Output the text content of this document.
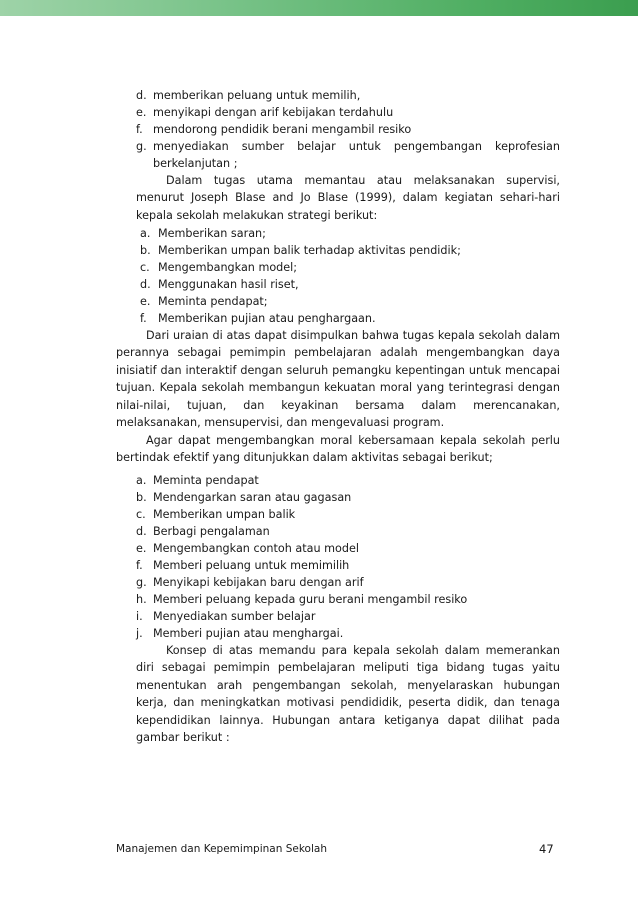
d. memberikan peluang untuk memilih,
e. menyikapi dengan arif kebijakan terdahulu
f. mendorong pendidik berani mengambil resiko
g. menyediakan sumber belajar untuk pengembangan keprofesian berkelanjutan ;
Dalam tugas utama memantau atau melaksanakan supervisi, menurut Joseph Blase and Jo Blase (1999), dalam kegiatan sehari-hari kepala sekolah melakukan strategi berikut:
a. Memberikan saran;
b. Memberikan umpan balik terhadap aktivitas pendidik;
c. Mengembangkan model;
d. Menggunakan hasil riset,
e. Meminta pendapat;
f. Memberikan pujian atau penghargaan.
Dari uraian di atas dapat disimpulkan bahwa tugas kepala sekolah dalam perannya sebagai pemimpin pembelajaran adalah mengembangkan daya inisiatif dan interaktif dengan seluruh pemangku kepentingan untuk mencapai tujuan. Kepala sekolah membangun kekuatan moral yang terintegrasi dengan nilai-nilai, tujuan, dan keyakinan bersama dalam merencanakan, melaksanakan, mensupervisi, dan mengevaluasi program.
Agar dapat mengembangkan moral kebersamaan kepala sekolah perlu bertindak efektif yang ditunjukkan dalam aktivitas sebagai berikut;
a. Meminta pendapat
b. Mendengarkan saran atau gagasan
c. Memberikan umpan balik
d. Berbagi pengalaman
e. Mengembangkan contoh atau model
f. Memberi peluang untuk memimilih
g. Menyikapi kebijakan baru dengan arif
h. Memberi peluang kepada guru berani mengambil resiko
i. Menyediakan sumber belajar
j. Memberi pujian atau menghargai.
Konsep di atas memandu para kepala sekolah dalam memerankan diri sebagai pemimpin pembelajaran meliputi tiga bidang tugas yaitu menentukan arah pengembangan sekolah, menyelaraskan hubungan kerja, dan meningkatkan motivasi pendididik, peserta didik, dan tenaga kependidikan lainnya. Hubungan antara ketiganya dapat dilihat pada gambar berikut :
Manajemen dan Kepemimpinan Sekolah	47
